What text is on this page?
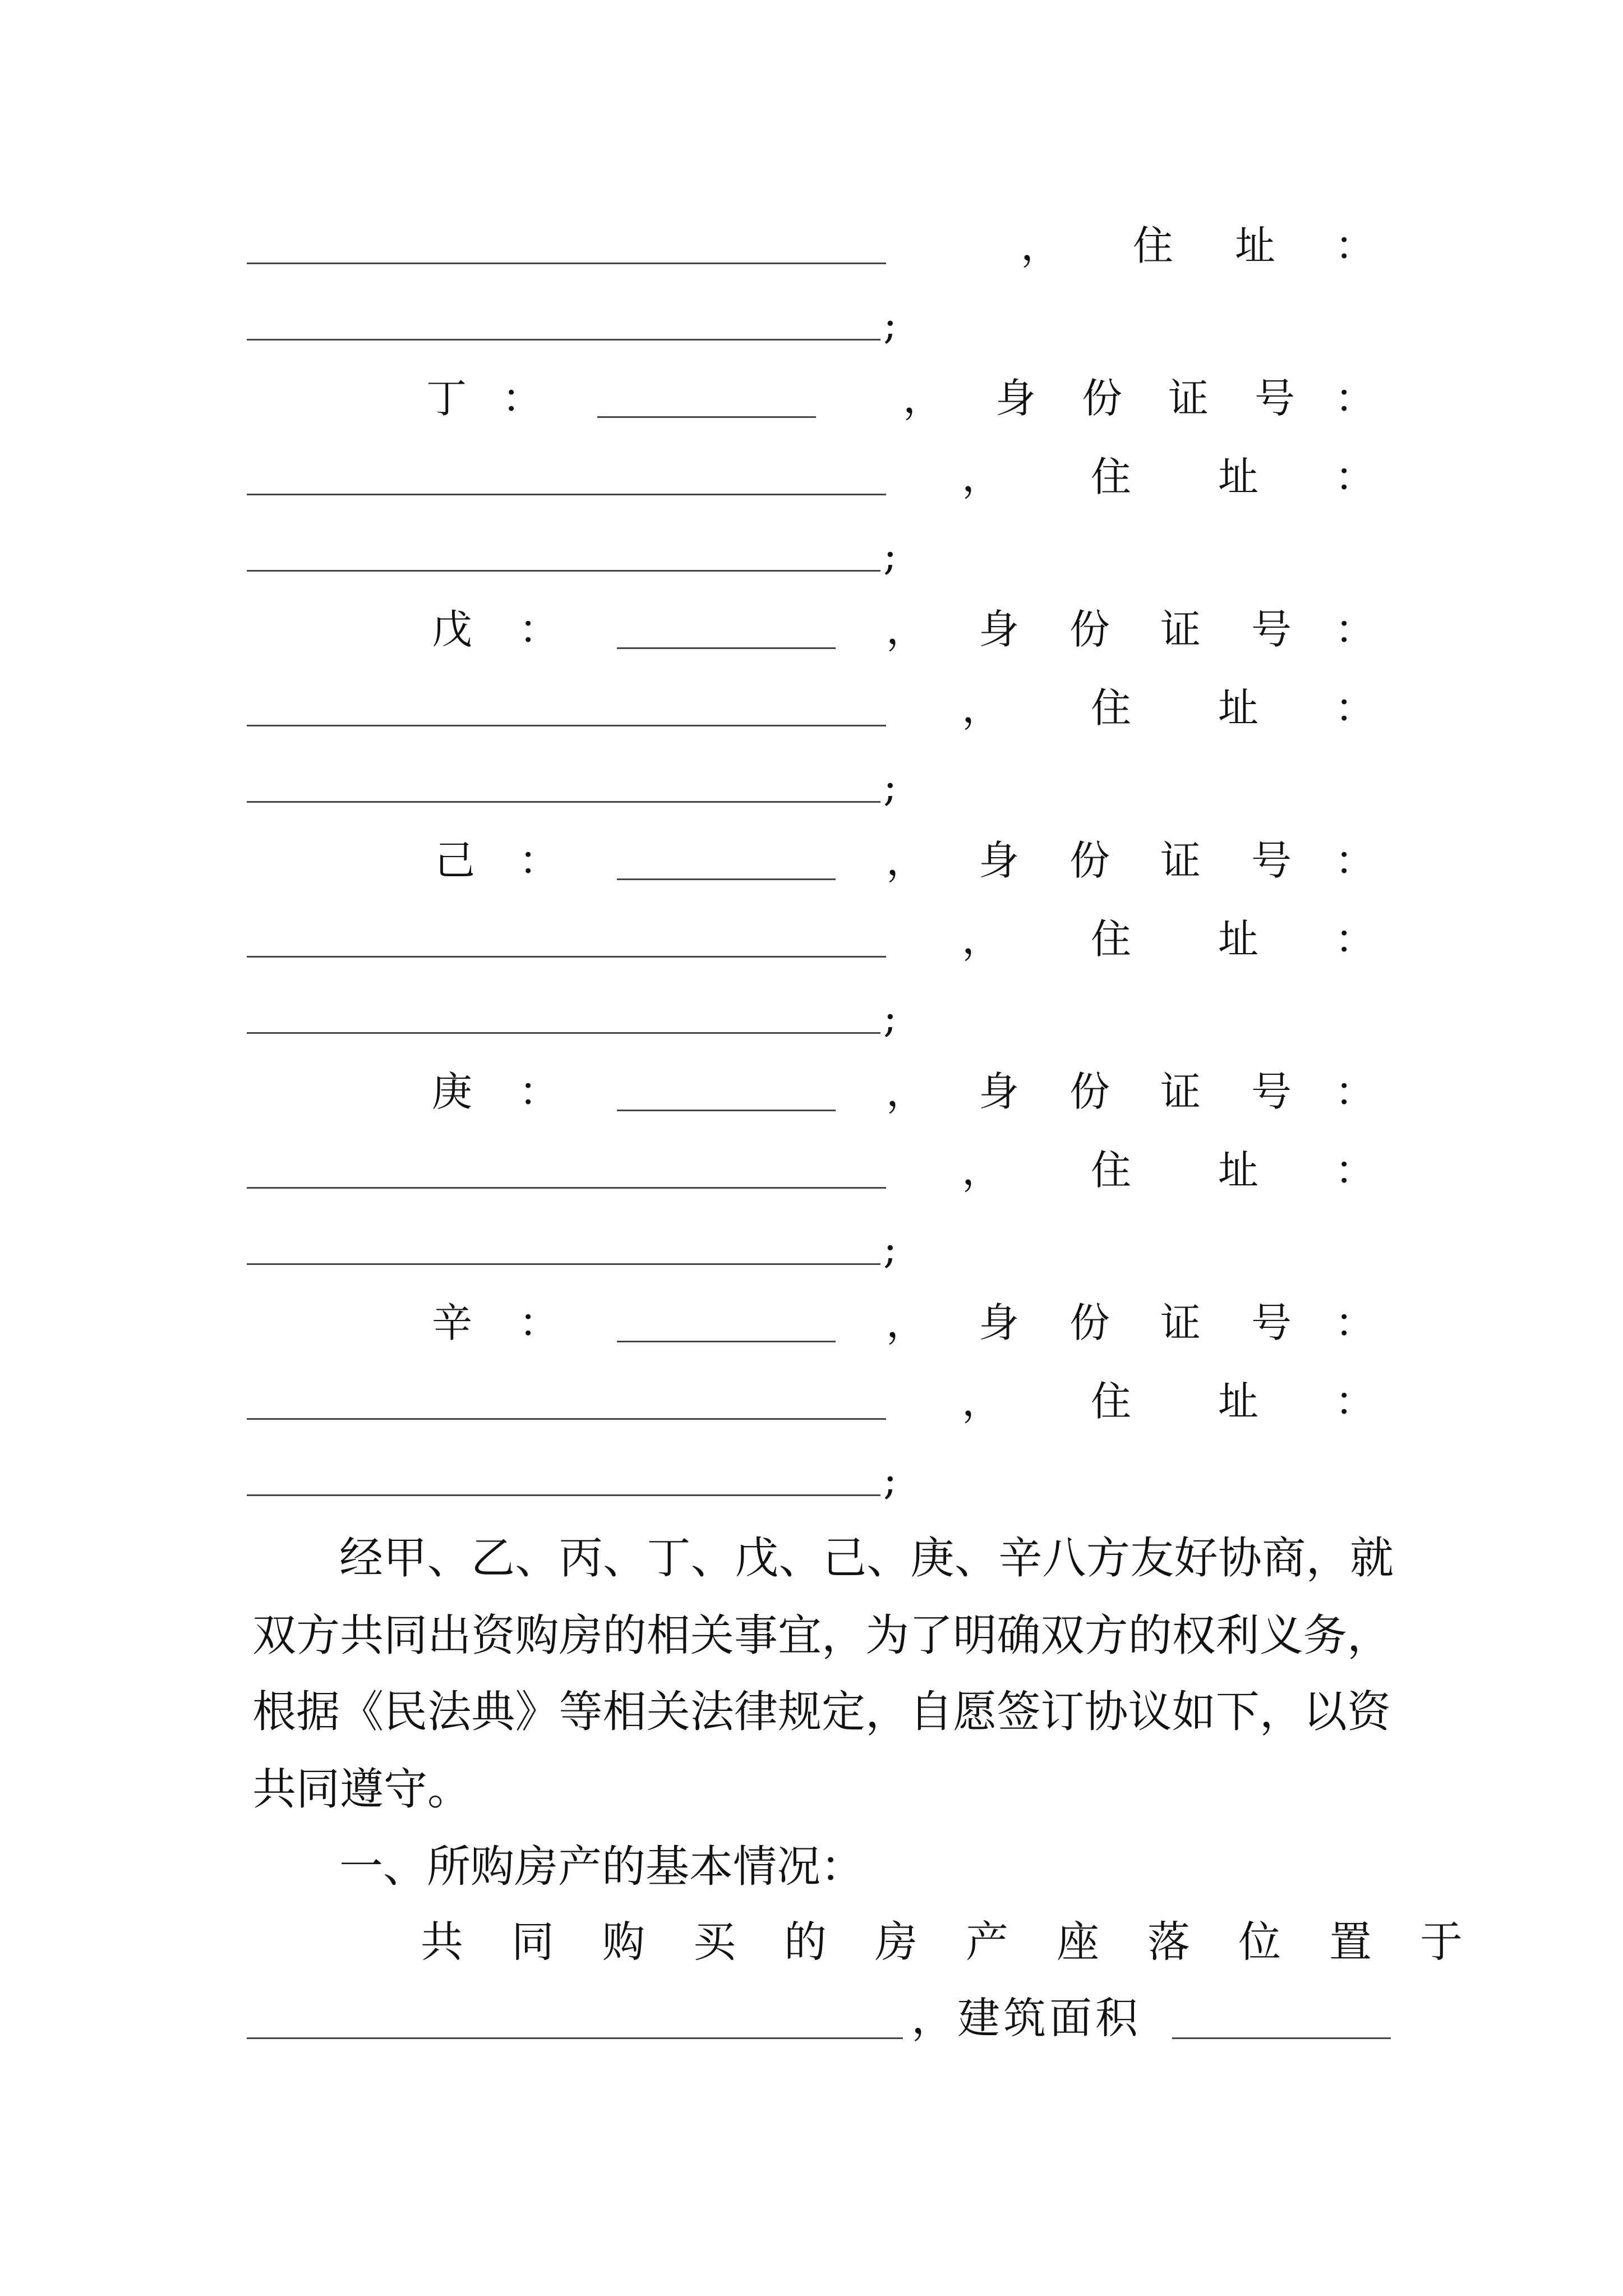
， 住址
：
;
丁 ：	， 身份证号
：
， 住址
：
;
戊 ：	， 身份证号
：
， 住址
：
;
己 ：	， 身份证号
：
， 住址
：
;
庚 ：	， 身份证号
：
， 住址
：
;
辛 ：	， 身份证号
：
， 住址
：
;
经甲、乙、丙、丁、戊、己、庚、辛八方友好协商，就
双方共同出资购房的相关事宜，为了明确双方的权利义务，
根据《民法典》等相关法律规定，自愿签订协议如下，以资
共同遵守。
一、所购房产的基本情况：
共同购买的房产座落位置于
，建筑面积
